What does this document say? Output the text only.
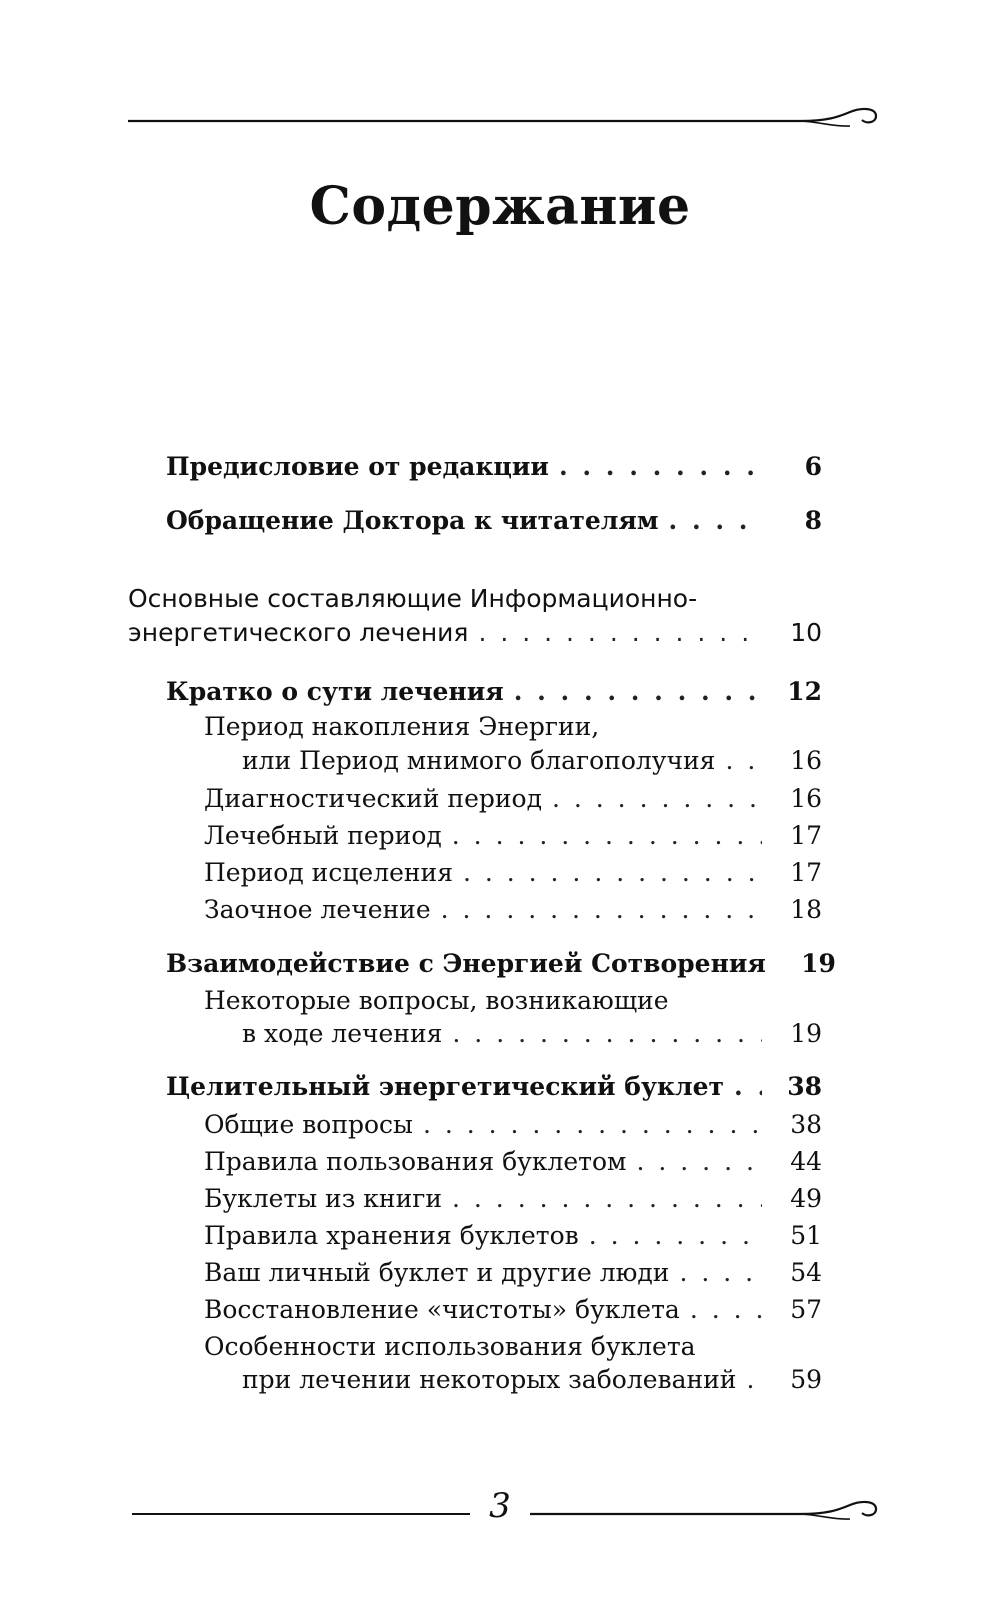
Содержание
Предисловие от редакции . . .	6
Обращение Доктора к читателям . . .	8
Основные составляющие Информационно-
энергетического лечения . . .	10
Кратко о сути лечения . . .	12
Период накопления Энергии,
или Период мнимого благополучия . . .	16
Диагностический период . . .	16
Лечебный период . . .	17
Период исцеления . . .	17
Заочное лечение . . .	18
Взаимодействие с Энергией Сотворения	19
Некоторые вопросы, возникающие
в ходе лечения . . .	19
Целительный энергетический буклет . . .	38
Общие вопросы . . .	38
Правила пользования буклетом . . .	44
Буклеты из книги . . .	49
Правила хранения буклетов . . .	51
Ваш личный буклет и другие люди . . .	54
Восстановление «чистоты» буклета . . .	57
Особенности использования буклета
при лечении некоторых заболеваний . . .	59
3
